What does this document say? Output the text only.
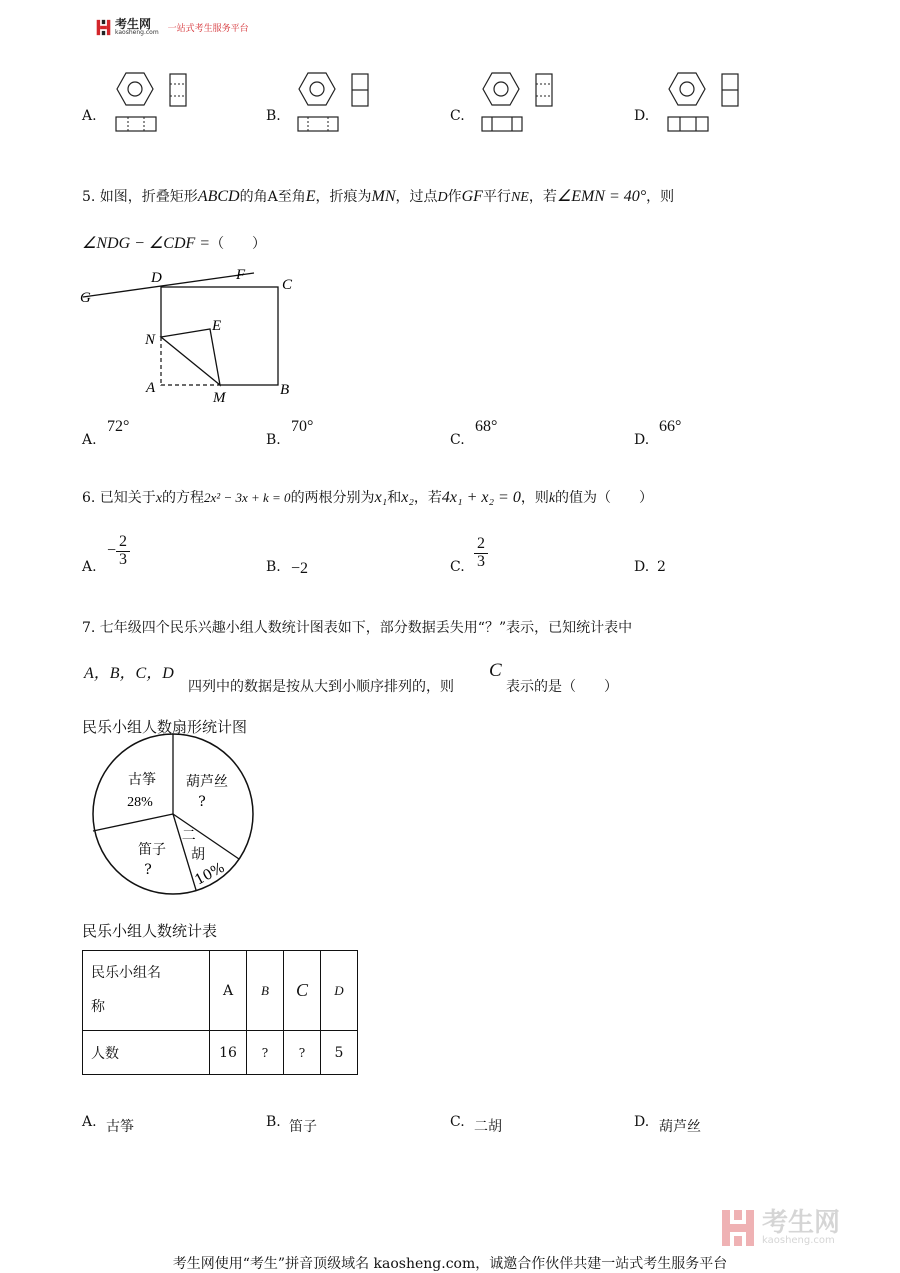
考生网
kaosheng.com 一站式考生服务平台
A.	B.	C.	D.
5. 如图，折叠矩形ABCD的角A至角E，折痕为MN，过点D作GF平行NE，若∠EMN = 40°，则
∠NDG − ∠CDF =（　　）
D	F
C
G
N
E
A
M	B
A.
72°
B.
70°
C.
68°
D.
66°
6. 已知关于x的方程2x² − 3x + k = 0的两根分别为x₁和x₂，若4x₁ + x₂ = 0，则k的值为（　　）
A.
− $\frac{2}{3}$	B. −2	C.
2
3	D. 2
7. 七年级四个民乐兴趣小组人数统计图表如下，部分数据丢失用“？”表示，已知统计表中
A，B，C，D
四列中的数据是按从大到小顺序排列的，则
C
表示的是（　　）
民乐小组人数扇形统计图
古筝
28%
葫芦丝
?
二 胡
10%
笛子
?
民乐小组人数统计表
民乐小组名
称	A	B	C	D
人数	16	?	?	5
A. 古筝	B. 笛子	C. 二胡	D. 葫芦丝
考生网
kaosheng.com
考生网使用“考生”拼音顶级域名 kaosheng.com，诚邀合作伙伴共建一站式考生服务平台
